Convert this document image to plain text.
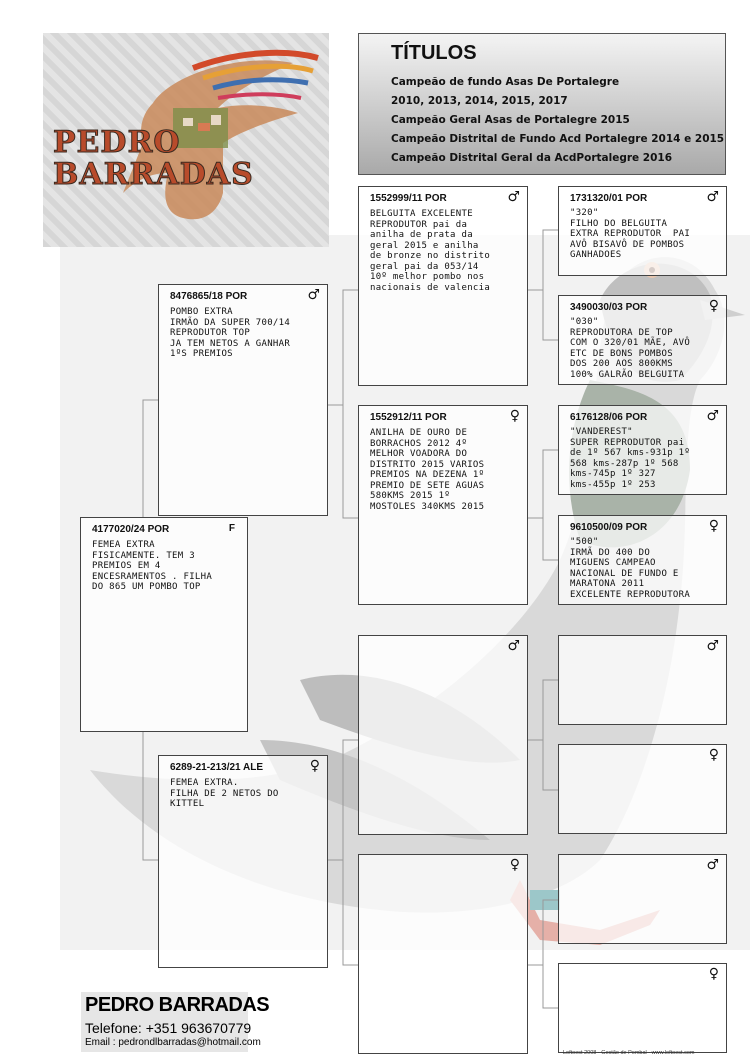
PEDRO
BARRADAS
TÍTULOS
Campeão de fundo Asas De Portalegre
2010, 2013, 2014, 2015, 2017
Campeão Geral Asas de Portalegre 2015
Campeão Distrital de Fundo Acd Portalegre 2014 e 2015
Campeão Distrital Geral da AcdPortalegre 2016
4177020/24 POR	F
FEMEA EXTRA
FISICAMENTE. TEM 3
PREMIOS EM 4
ENCESRAMENTOS . FILHA
DO 865 UM POMBO TOP
8476865/18 POR	♂
POMBO EXTRA
IRMÃO DA SUPER 700/14
REPRODUTOR TOP
JA TEM NETOS A GANHAR
1ºS PREMIOS
6289-21-213/21 ALE	♀
FEMEA EXTRA.
FILHA DE 2 NETOS DO
KITTEL
1552999/11 POR	♂
BELGUITA EXCELENTE
REPRODUTOR pai da
anilha de prata da
geral 2015 e anilha
de bronze no distrito
geral pai da 053/14
10º melhor pombo nos
nacionais de valencia
1552912/11 POR	♀
ANILHA DE OURO DE
BORRACHOS 2012 4º
MELHOR VOADORA DO
DISTRITO 2015 VARIOS
PREMIOS NA DEZENA 1º
PREMIO DE SETE AGUAS
580KMS 2015 1º
MOSTOLES 340KMS 2015
♂
♀
1731320/01 POR	♂
"320"
FILHO DO BELGUITA
EXTRA REPRODUTOR  PAI
AVÔ BISAVÔ DE POMBOS
GANHADOES
3490030/03 POR	♀
"030"
REPRODUTORA DE TOP
COM O 320/01 MÃE, AVÔ
ETC DE BONS POMBOS
DOS 200 AOS 800KMS
100% GALRÃO BELGUITA
6176128/06 POR	♂
"VANDEREST"
SUPER REPRODUTOR pai
de 1º 567 kms-931p 1º
568 kms-287p 1º 568
kms-745p 1º 327
kms-455p 1º 253
9610500/09 POR	♀
"500"
IRMÃ DO 400 DO
MIGUENS CAMPEAO
NACIONAL DE FUNDO E
MARATONA 2011
EXCELENTE REPRODUTORA
♂
♀
♂
♀
PEDRO BARRADAS
Telefone: +351 963670779
Email : pedrondlbarradas@hotmail.com
Loftoest 2008 - Gestão de Pombal - www.loftoest.com
